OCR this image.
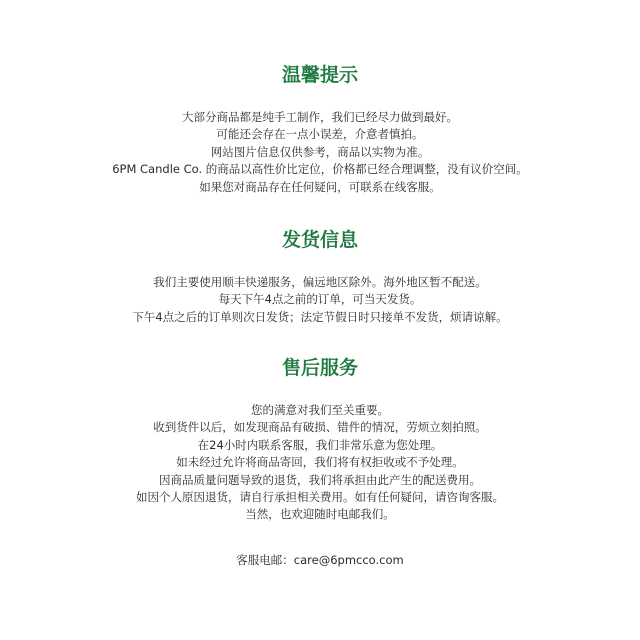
温馨提示
大部分商品都是纯手工制作，我们已经尽力做到最好。
可能还会存在一点小误差，介意者慎拍。
网站图片信息仅供参考，商品以实物为准。
6PM Candle Co. 的商品以高性价比定位，价格都已经合理调整，没有议价空间。
如果您对商品存在任何疑问，可联系在线客服。
发货信息
我们主要使用顺丰快递服务，偏远地区除外。海外地区暂不配送。
每天下午4点之前的订单，可当天发货。
下午4点之后的订单则次日发货；法定节假日时只接单不发货，烦请谅解。
售后服务
您的满意对我们至关重要。
收到货件以后，如发现商品有破损、错件的情况，劳烦立刻拍照。
在24小时内联系客服，我们非常乐意为您处理。
如未经过允许将商品寄回，我们将有权拒收或不予处理。
因商品质量问题导致的退货，我们将承担由此产生的配送费用。
如因个人原因退货，请自行承担相关费用。如有任何疑问，请咨询客服。
当然，也欢迎随时电邮我们。

客服电邮：care@6pmcco.com
